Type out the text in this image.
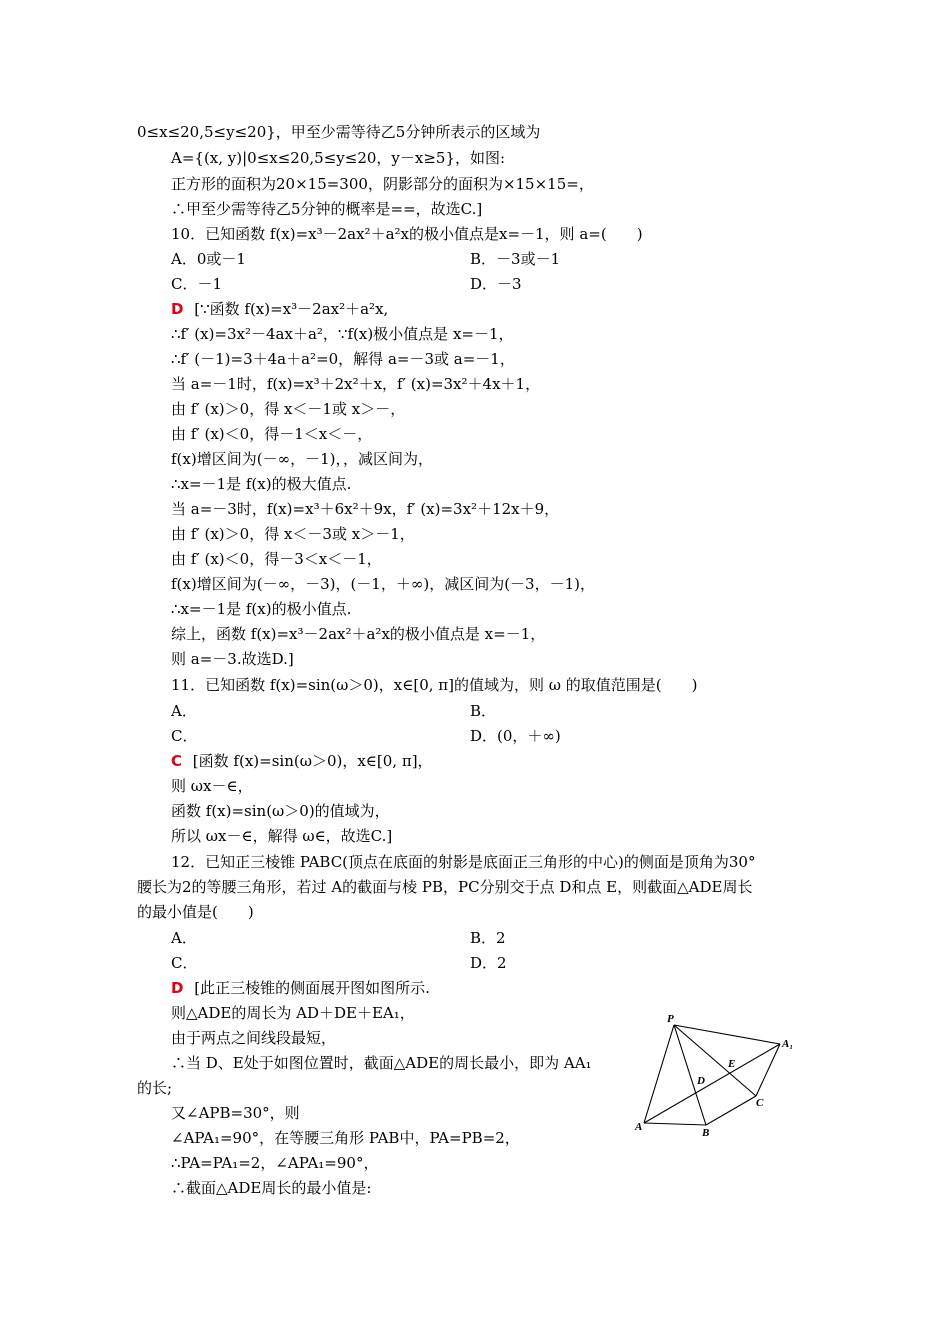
0≤x≤20,5≤y≤20}，甲至少需等待乙5分钟所表示的区域为
A={(x, y)|0≤x≤20,5≤y≤20，y－x≥5}，如图:
正方形的面积为20×15=300，阴影部分的面积为×15×15=，
∴甲至少需等待乙5分钟的概率是==，故选C.]
10．已知函数 f(x)=x³－2ax²＋a²x的极小值点是x=－1，则 a=(　　)
A．0或－1	B．－3或－1
C．－1	D．－3
D [∵函数 f(x)=x³－2ax²＋a²x,
∴f′ (x)=3x²－4ax＋a²，∵f(x)极小值点是 x=－1，
∴f′ (－1)=3＋4a＋a²=0，解得 a=－3或 a=－1，
当 a=－1时，f(x)=x³＋2x²＋x，f′ (x)=3x²＋4x＋1，
由 f′ (x)＞0，得 x＜－1或 x＞－，
由 f′ (x)＜0，得－1＜x＜－，
f(x)增区间为(－∞，－1)，，减区间为，
∴x=－1是 f(x)的极大值点.
当 a=－3时，f(x)=x³＋6x²＋9x，f′ (x)=3x²＋12x＋9，
由 f′ (x)＞0，得 x＜－3或 x＞－1，
由 f′ (x)＜0，得－3＜x＜－1，
f(x)增区间为(－∞，－3)，(－1，＋∞)，减区间为(－3，－1)，
∴x=－1是 f(x)的极小值点.
综上，函数 f(x)=x³－2ax²＋a²x的极小值点是 x=－1，
则 a=－3.故选D.]
11．已知函数 f(x)=sin(ω＞0)，x∈[0, π]的值域为，则 ω 的取值范围是(　　)
A．	B．
C．	D．(0，＋∞)
C [函数 f(x)=sin(ω＞0)，x∈[0, π]，
则 ωx－∈，
函数 f(x)=sin(ω＞0)的值域为，
所以 ωx－∈，解得 ω∈，故选C.]
12．已知正三棱锥 PABC(顶点在底面的射影是底面正三角形的中心)的侧面是顶角为30°
腰长为2的等腰三角形，若过 A的截面与棱 PB，PC分别交于点 D和点 E，则截面△ADE周长
的最小值是(　　)
A．	B．2
C．	D．2
D [此正三棱锥的侧面展开图如图所示.
则△ADE的周长为 AD＋DE＋EA₁，
由于两点之间线段最短，
∴当 D、E处于如图位置时，截面△ADE的周长最小，即为 AA₁
的长;
又∠APB=30°，则
∠APA₁=90°，在等腰三角形 PAB中，PA=PB=2，
∴PA=PA₁=2，∠APA₁=90°，
∴截面△ADE周长的最小值是:
P
A₁
E
D
C
A	B
